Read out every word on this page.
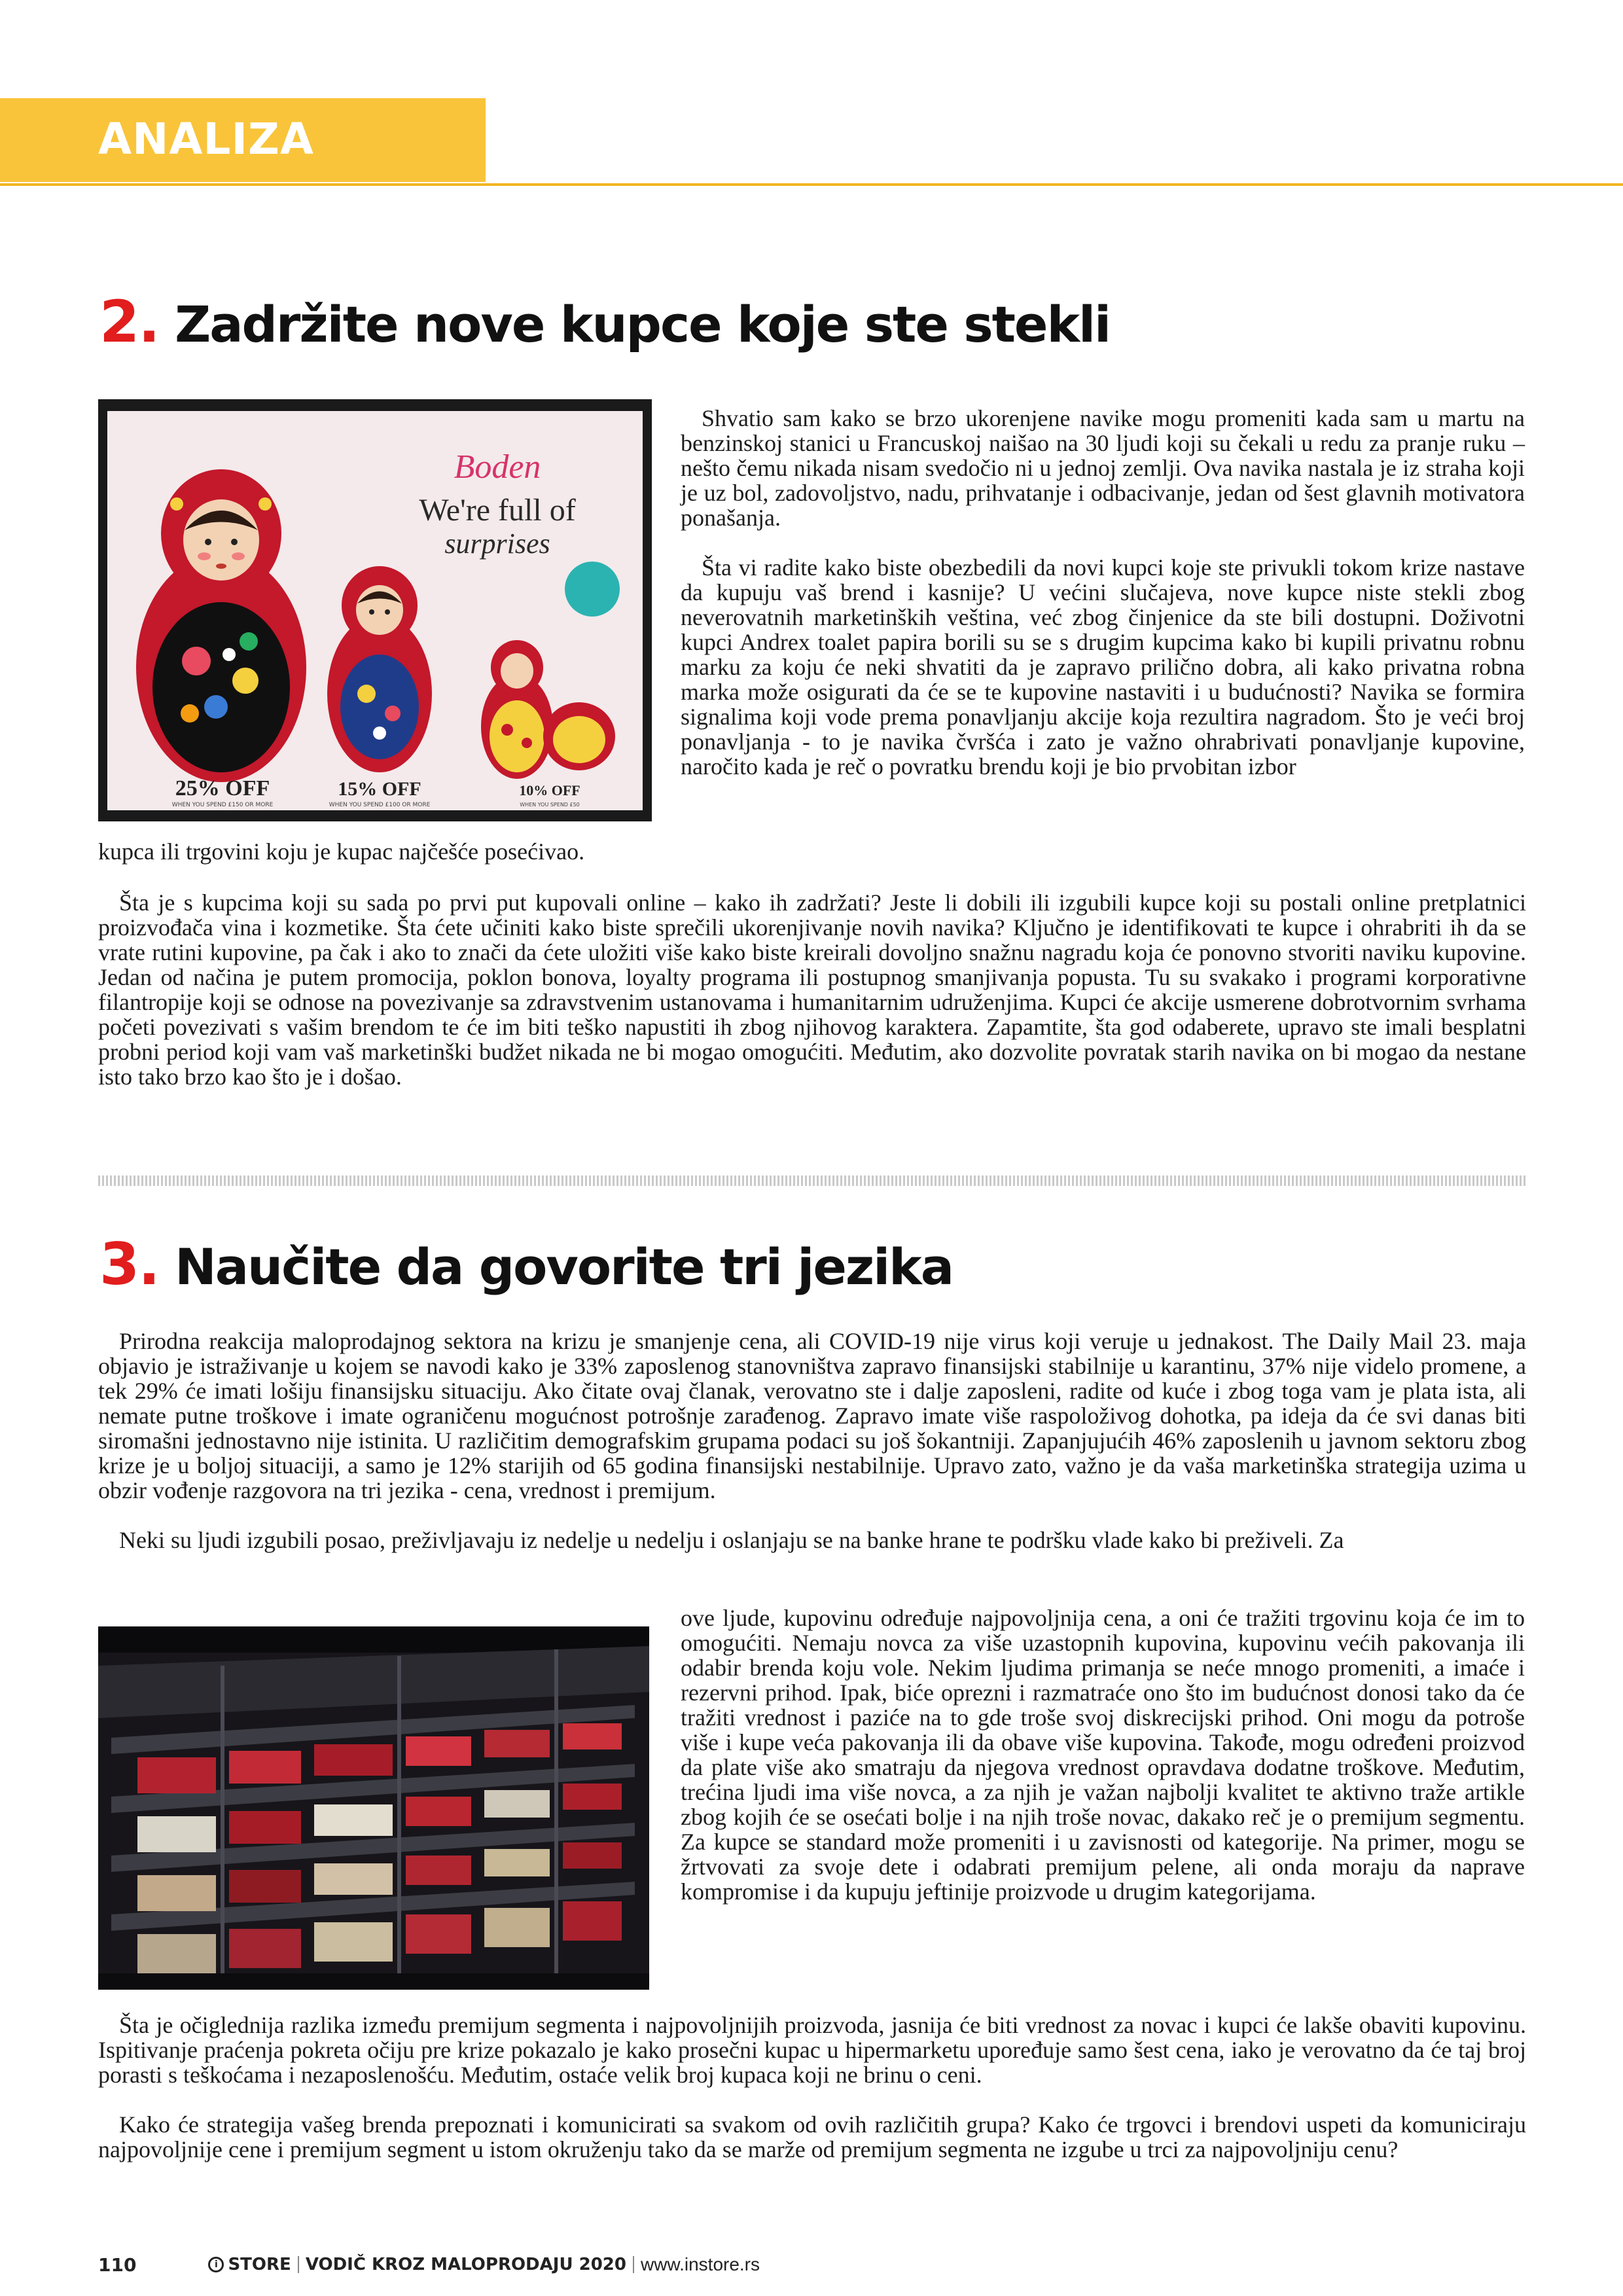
ANALIZA
2. Zadržite nove kupce koje ste stekli
Boden
We're full of
surprises
25% OFF	15% OFF	10% OFF
WHEN YOU SPEND £150 OR MORE	WHEN YOU SPEND £100 OR MORE	WHEN YOU SPEND £50

Shvatio sam kako se brzo ukorenjene navike mogu promeniti kada sam u martu na benzinskoj stanici u Francuskoj naišao na 30 ljudi koji su čekali u redu za pranje ruku – nešto čemu nikada nisam svedočio ni u jednoj zemlji. Ova navika nastala je iz straha koji je uz bol, zadovoljstvo, nadu, prihvatanje i odbacivanje, jedan od šest glavnih motivatora ponašanja.

Šta vi radite kako biste obezbedili da novi kupci koje ste privukli tokom krize nastave da kupuju vaš brend i kasnije? U većini slučajeva, nove kupce niste stekli zbog neverovatnih marketinških veština, već zbog činjenice da ste bili dostupni. Doživotni kupci Andrex toalet papira borili su se s drugim kupcima kako bi kupili privatnu robnu marku za koju će neki shvatiti da je zapravo prilično dobra, ali kako privatna robna marka može osigurati da će se te kupovine nastaviti i u budućnosti? Navika se formira signalima koji vode prema ponavljanju akcije koja rezultira nagradom. Što je veći broj ponavljanja - to je navika čvršća i zato je važno ohrabrivati ponavljanje kupovine, naročito kada je reč o povratku brendu koji je bio prvobitan izbor

kupca ili trgovini koju je kupac najčešće posećivao.

Šta je s kupcima koji su sada po prvi put kupovali online – kako ih zadržati? Jeste li dobili ili izgubili kupce koji su postali online pretplatnici proizvođača vina i kozmetike. Šta ćete učiniti kako biste sprečili ukorenjivanje novih navika? Ključno je identifikovati te kupce i ohrabriti ih da se vrate rutini kupovine, pa čak i ako to znači da ćete uložiti više kako biste kreirali dovoljno snažnu nagradu koja će ponovno stvoriti naviku kupovine. Jedan od načina je putem promocija, poklon bonova, loyalty programa ili postupnog smanjivanja popusta. Tu su svakako i programi korporativne filantropije koji se odnose na povezivanje sa zdravstvenim ustanovama i humanitarnim udruženjima. Kupci će akcije usmerene dobrotvornim svrhama početi povezivati s vašim brendom te će im biti teško napustiti ih zbog njihovog karaktera. Zapamtite, šta god odaberete, upravo ste imali besplatni probni period koji vam vaš marketinški budžet nikada ne bi mogao omogućiti. Međutim, ako dozvolite povratak starih navika on bi mogao da nestane isto tako brzo kao što je i došao.

3. Naučite da govorite tri jezika

Prirodna reakcija maloprodajnog sektora na krizu je smanjenje cena, ali COVID-19 nije virus koji veruje u jednakost. The Daily Mail 23. maja objavio je istraživanje u kojem se navodi kako je 33% zaposlenog stanovništva zapravo finansijski stabilnije u karantinu, 37% nije videlo promene, a tek 29% će imati lošiju finansijsku situaciju. Ako čitate ovaj članak, verovatno ste i dalje zaposleni, radite od kuće i zbog toga vam je plata ista, ali nemate putne troškove i imate ograničenu mogućnost potrošnje zarađenog. Zapravo imate više raspoloživog dohotka, pa ideja da će svi danas biti siromašni jednostavno nije istinita. U različitim demografskim grupama podaci su još šokantniji. Zapanjujućih 46% zaposlenih u javnom sektoru zbog krize je u boljoj situaciji, a samo je 12% starijih od 65 godina finansijski nestabilnije. Upravo zato, važno je da vaša marketinška strategija uzima u obzir vođenje razgovora na tri jezika - cena, vrednost i premijum.

Neki su ljudi izgubili posao, preživljavaju iz nedelje u nedelju i oslanjaju se na banke hrane te podršku vlade kako bi preživeli. Za

ove ljude, kupovinu određuje najpovoljnija cena, a oni će tražiti trgovinu koja će im to omogućiti. Nemaju novca za više uzastopnih kupovina, kupovinu većih pakovanja ili odabir brenda koju vole. Nekim ljudima primanja se neće mnogo promeniti, a imaće i rezervni prihod. Ipak, biće oprezni i razmatraće ono što im budućnost donosi tako da će tražiti vrednost i paziće na to gde troše svoj diskrecijski prihod. Oni mogu da potroše više i kupe veća pakovanja ili da obave više kupovina. Takođe, mogu određeni proizvod da plate više ako smatraju da njegova vrednost opravdava dodatne troškove. Međutim, trećina ljudi ima više novca, a za njih je važan najbolji kvalitet te aktivno traže artikle zbog kojih će se osećati bolje i na njih troše novac, dakako reč je o premijum segmentu. Za kupce se standard može promeniti i u zavisnosti od kategorije. Na primer, mogu se žrtvovati za svoje dete i odabrati premijum pelene, ali onda moraju da naprave kompromise i da kupuju jeftinije proizvode u drugim kategorijama.

Šta je očiglednija razlika između premijum segmenta i najpovoljnijih proizvoda, jasnija će biti vrednost za novac i kupci će lakše obaviti kupovinu. Ispitivanje praćenja pokreta očiju pre krize pokazalo je kako prosečni kupac u hipermarketu upoređuje samo šest cena, iako je verovatno da će taj broj porasti s teškoćama i nezaposlenošću. Međutim, ostaće velik broj kupaca koji ne brinu o ceni.

Kako će strategija vašeg brenda prepoznati i komunicirati sa svakom od ovih različitih grupa? Kako će trgovci i brendovi uspeti da komuniciraju najpovoljnije cene i premijum segment u istom okruženju tako da se marže od premijum segmenta ne izgube u trci za najpovoljniju cenu?

110	i STORE VODIČ KROZ MALOPRODAJU 2020 www.instore.rs
